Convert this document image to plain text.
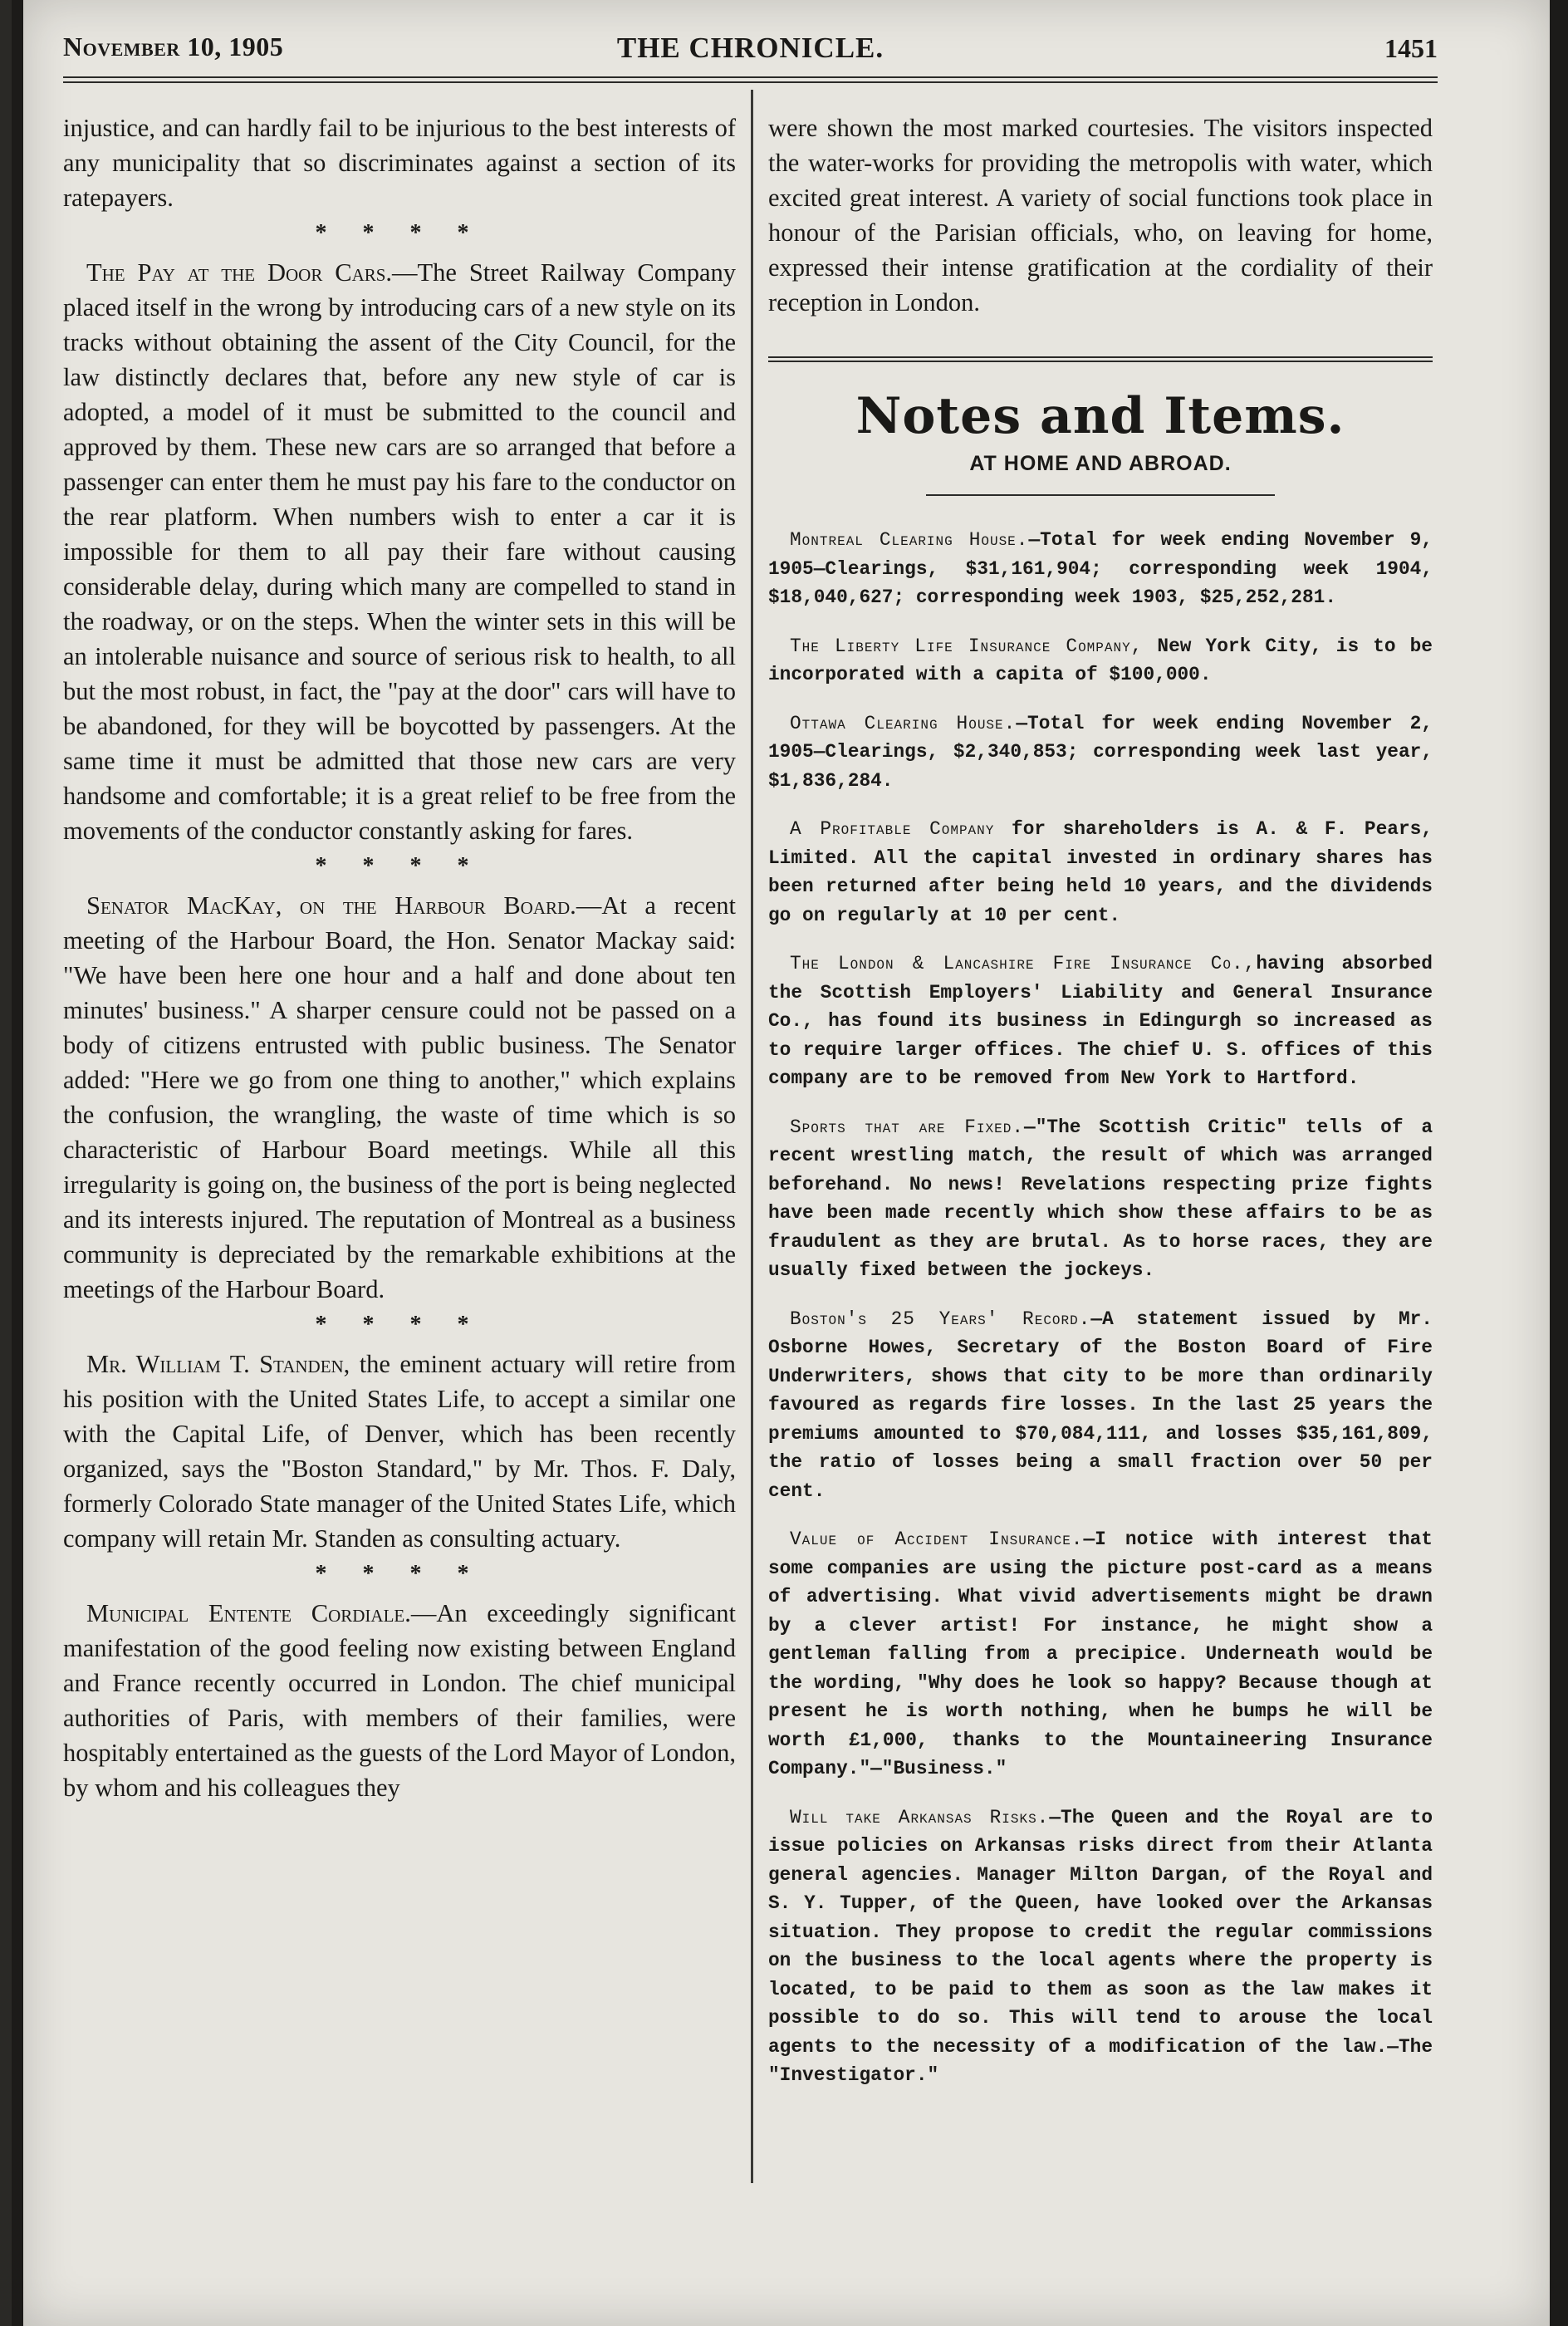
November 10, 1905	THE CHRONICLE.	1451

injustice, and can hardly fail to be injurious to the best interests of any municipality that so discriminates against a section of its ratepayers.

* * * *

The Pay at the Door Cars.—The Street Railway Company placed itself in the wrong by introducing cars of a new style on its tracks without obtaining the assent of the City Council, for the law distinctly declares that, before any new style of car is adopted, a model of it must be submitted to the council and approved by them. These new cars are so arranged that before a passenger can enter them he must pay his fare to the conductor on the rear platform. When numbers wish to enter a car it is impossible for them to all pay their fare without causing considerable delay, during which many are compelled to stand in the roadway, or on the steps. When the winter sets in this will be an intolerable nuisance and source of serious risk to health, to all but the most robust, in fact, the "pay at the door" cars will have to be abandoned, for they will be boycotted by passengers. At the same time it must be admitted that those new cars are very handsome and comfortable; it is a great relief to be free from the movements of the conductor constantly asking for fares.

* * * *

Senator MacKay, on the Harbour Board.—At a recent meeting of the Harbour Board, the Hon. Senator Mackay said: "We have been here one hour and a half and done about ten minutes' business." A sharper censure could not be passed on a body of citizens entrusted with public business. The Senator added: "Here we go from one thing to another," which explains the confusion, the wrangling, the waste of time which is so characteristic of Harbour Board meetings. While all this irregularity is going on, the business of the port is being neglected and its interests injured. The reputation of Montreal as a business community is depreciated by the remarkable exhibitions at the meetings of the Harbour Board.

* * * *

Mr. William T. Standen, the eminent actuary will retire from his position with the United States Life, to accept a similar one with the Capital Life, of Denver, which has been recently organized, says the "Boston Standard," by Mr. Thos. F. Daly, formerly Colorado State manager of the United States Life, which company will retain Mr. Standen as consulting actuary.

* * * *

Municipal Entente Cordiale.—An exceedingly significant manifestation of the good feeling now existing between England and France recently occurred in London. The chief municipal authorities of Paris, with members of their families, were hospitably entertained as the guests of the Lord Mayor of London, by whom and his colleagues they

were shown the most marked courtesies. The visitors inspected the water-works for providing the metropolis with water, which excited great interest. A variety of social functions took place in honour of the Parisian officials, who, on leaving for home, expressed their intense gratification at the cordiality of their reception in London.

Notes and Items.

AT HOME AND ABROAD.

Montreal Clearing House.—Total for week ending November 9, 1905—Clearings, $31,161,904; corresponding week 1904, $18,040,627; corresponding week 1903, $25,252,281.

The Liberty Life Insurance Company, New York City, is to be incorporated with a capita of $100,000.

Ottawa Clearing House.—Total for week ending November 2, 1905—Clearings, $2,340,853; corresponding week last year, $1,836,284.

A Profitable Company for shareholders is A. & F. Pears, Limited. All the capital invested in ordinary shares has been returned after being held 10 years, and the dividends go on regularly at 10 per cent.

The London & Lancashire Fire Insurance Co.,having absorbed the Scottish Employers' Liability and General Insurance Co., has found its business in Edingurgh so increased as to require larger offices. The chief U. S. offices of this company are to be removed from New York to Hartford.

Sports that are Fixed.—"The Scottish Critic" tells of a recent wrestling match, the result of which was arranged beforehand. No news! Revelations respecting prize fights have been made recently which show these affairs to be as fraudulent as they are brutal. As to horse races, they are usually fixed between the jockeys.

Boston's 25 Years' Record.—A statement issued by Mr. Osborne Howes, Secretary of the Boston Board of Fire Underwriters, shows that city to be more than ordinarily favoured as regards fire losses. In the last 25 years the premiums amounted to $70,084,111, and losses $35,161,809, the ratio of losses being a small fraction over 50 per cent.

Value of Accident Insurance.—I notice with interest that some companies are using the picture post-card as a means of advertising. What vivid advertisements might be drawn by a clever artist! For instance, he might show a gentleman falling from a precipice. Underneath would be the wording, "Why does he look so happy? Because though at present he is worth nothing, when he bumps he will be worth £1,000, thanks to the Mountaineering Insurance Company."—"Business."

Will take Arkansas Risks.—The Queen and the Royal are to issue policies on Arkansas risks direct from their Atlanta general agencies. Manager Milton Dargan, of the Royal and S. Y. Tupper, of the Queen, have looked over the Arkansas situation. They propose to credit the regular commissions on the business to the local agents where the property is located, to be paid to them as soon as the law makes it possible to do so. This will tend to arouse the local agents to the necessity of a modification of the law.—The "Investigator."
